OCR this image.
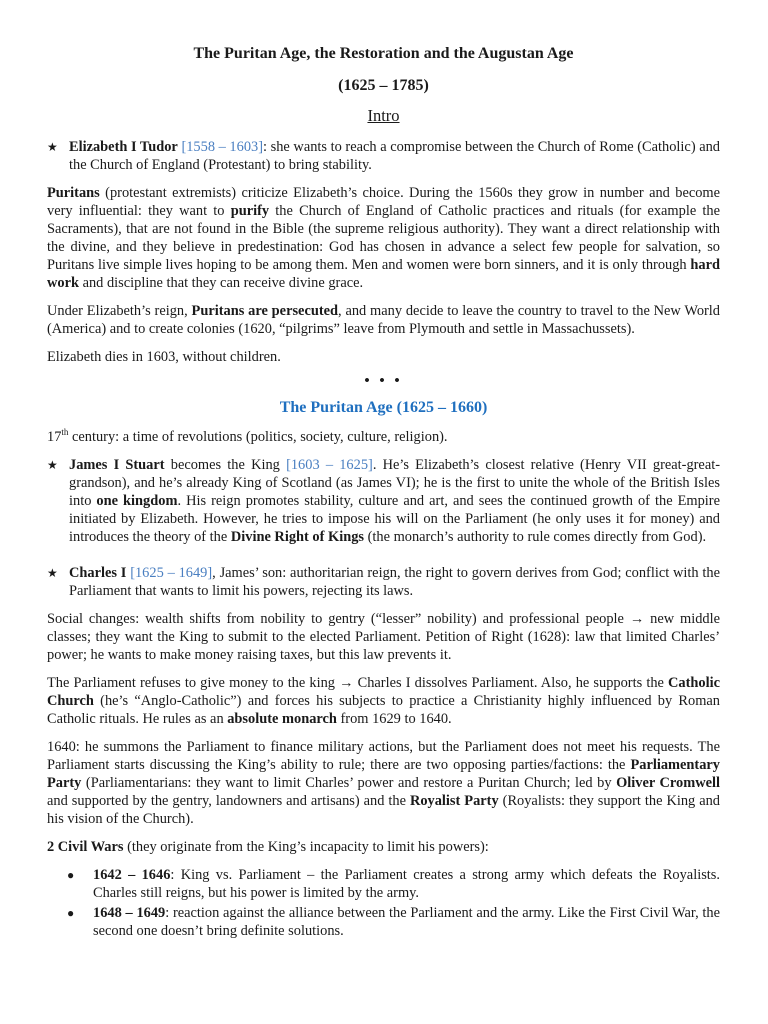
The Puritan Age, the Restoration and the Augustan Age
(1625 – 1785)
Intro
★ Elizabeth I Tudor [1558 – 1603]: she wants to reach a compromise between the Church of Rome (Catholic) and the Church of England (Protestant) to bring stability.

Puritans (protestant extremists) criticize Elizabeth’s choice. During the 1560s they grow in number and become very influential: they want to purify the Church of England of Catholic practices and rituals (for example the Sacraments), that are not found in the Bible (the supreme religious authority). They want a direct relationship with the divine, and they believe in predestination: God has chosen in advance a select few people for salvation, so Puritans live simple lives hoping to be among them. Men and women were born sinners, and it is only through hard work and discipline that they can receive divine grace.

Under Elizabeth’s reign, Puritans are persecuted, and many decide to leave the country to travel to the New World (America) and to create colonies (1620, “pilgrims” leave from Plymouth and settle in Massachussets).

Elizabeth dies in 1603, without children.

• • •
The Puritan Age (1625 – 1660)

17th century: a time of revolutions (politics, society, culture, religion).

★ James I Stuart becomes the King [1603 – 1625]. He’s Elizabeth’s closest relative (Henry VII great-great-grandson), and he’s already King of Scotland (as James VI); he is the first to unite the whole of the British Isles into one kingdom. His reign promotes stability, culture and art, and sees the continued growth of the Empire initiated by Elizabeth. However, he tries to impose his will on the Parliament (he only uses it for money) and introduces the theory of the Divine Right of Kings (the monarch’s authority to rule comes directly from God).
★ Charles I [1625 – 1649], James’ son: authoritarian reign, the right to govern derives from God; conflict with the Parliament that wants to limit his powers, rejecting its laws.

Social changes: wealth shifts from nobility to gentry (“lesser” nobility) and professional people → new middle classes; they want the King to submit to the elected Parliament. Petition of Right (1628): law that limited Charles’ power; he wants to make money raising taxes, but this law prevents it.

The Parliament refuses to give money to the king → Charles I dissolves Parliament. Also, he supports the Catholic Church (he’s “Anglo-Catholic”) and forces his subjects to practice a Christianity highly influenced by Roman Catholic rituals. He rules as an absolute monarch from 1629 to 1640.

1640: he summons the Parliament to finance military actions, but the Parliament does not meet his requests. The Parliament starts discussing the King’s ability to rule; there are two opposing parties/factions: the Parliamentary Party (Parliamentarians: they want to limit Charles’ power and restore a Puritan Church; led by Oliver Cromwell and supported by the gentry, landowners and artisans) and the Royalist Party (Royalists: they support the King and his vision of the Church).

2 Civil Wars (they originate from the King’s incapacity to limit his powers):

●	1642 – 1646: King vs. Parliament – the Parliament creates a strong army which defeats the Royalists. Charles still reigns, but his power is limited by the army.
●	1648 – 1649: reaction against the alliance between the Parliament and the army. Like the First Civil War, the second one doesn’t bring definite solutions.
